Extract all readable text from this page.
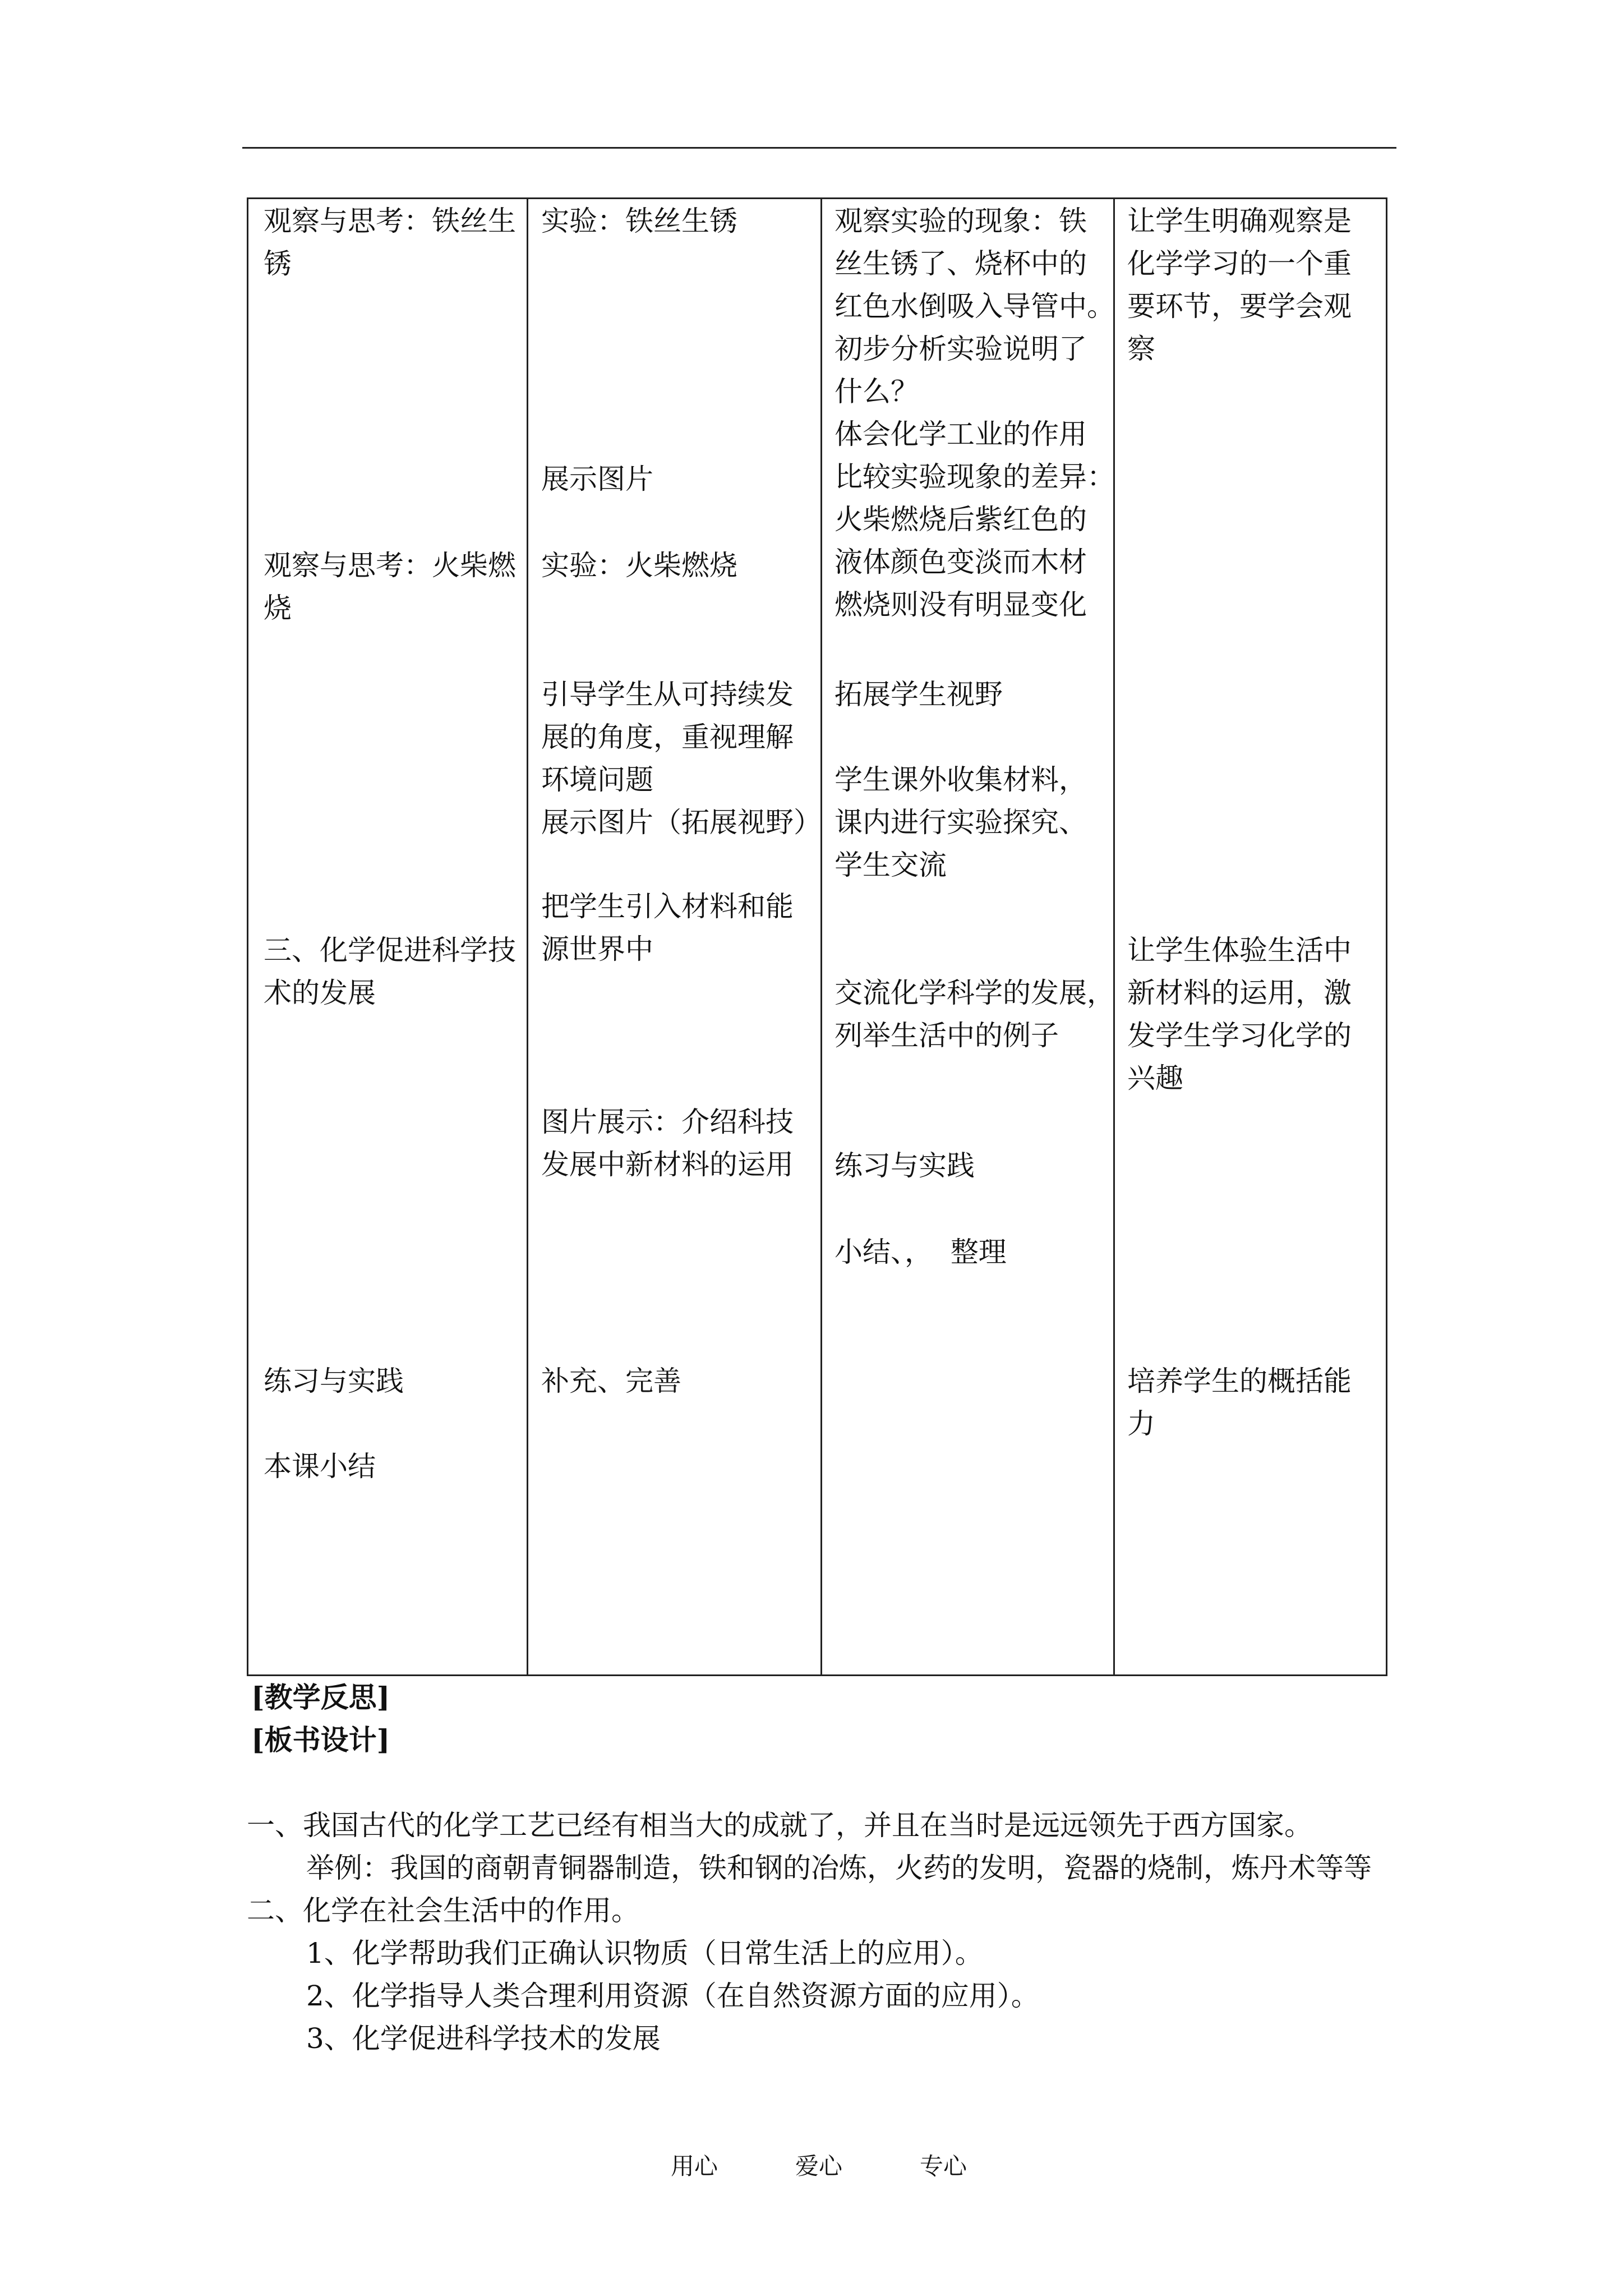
观察与思考：铁丝生
锈
观察与思考：火柴燃
烧
三、化学促进科学技
术的发展
练习与实践
本课小结
实验：铁丝生锈
展示图片
实验：火柴燃烧
引导学生从可持续发
展的角度，重视理解
环境问题
展示图片（拓展视野）
把学生引入材料和能
源世界中
图片展示：介绍科技
发展中新材料的运用
补充、完善
观察实验的现象：铁
丝生锈了、烧杯中的
红色水倒吸入导管中。
初步分析实验说明了
什么？
体会化学工业的作用
比较实验现象的差异：
火柴燃烧后紫红色的
液体颜色变淡而木材
燃烧则没有明显变化
拓展学生视野
学生课外收集材料，
课内进行实验探究、
学生交流
交流化学科学的发展，
列举生活中的例子
练习与实践
小结、，  整理
让学生明确观察是
化学学习的一个重
要环节，要学会观
察
让学生体验生活中
新材料的运用，激
发学生学习化学的
兴趣
培养学生的概括能
力
[教学反思]
[板书设计]
一、我国古代的化学工艺已经有相当大的成就了，并且在当时是远远领先于西方国家。
举例：我国的商朝青铜器制造，铁和钢的冶炼，火药的发明，瓷器的烧制，炼丹术等等
二、化学在社会生活中的作用。
1、化学帮助我们正确认识物质（日常生活上的应用）。
2、化学指导人类合理利用资源（在自然资源方面的应用）。
3、化学促进科学技术的发展
用心	爱心	专心
